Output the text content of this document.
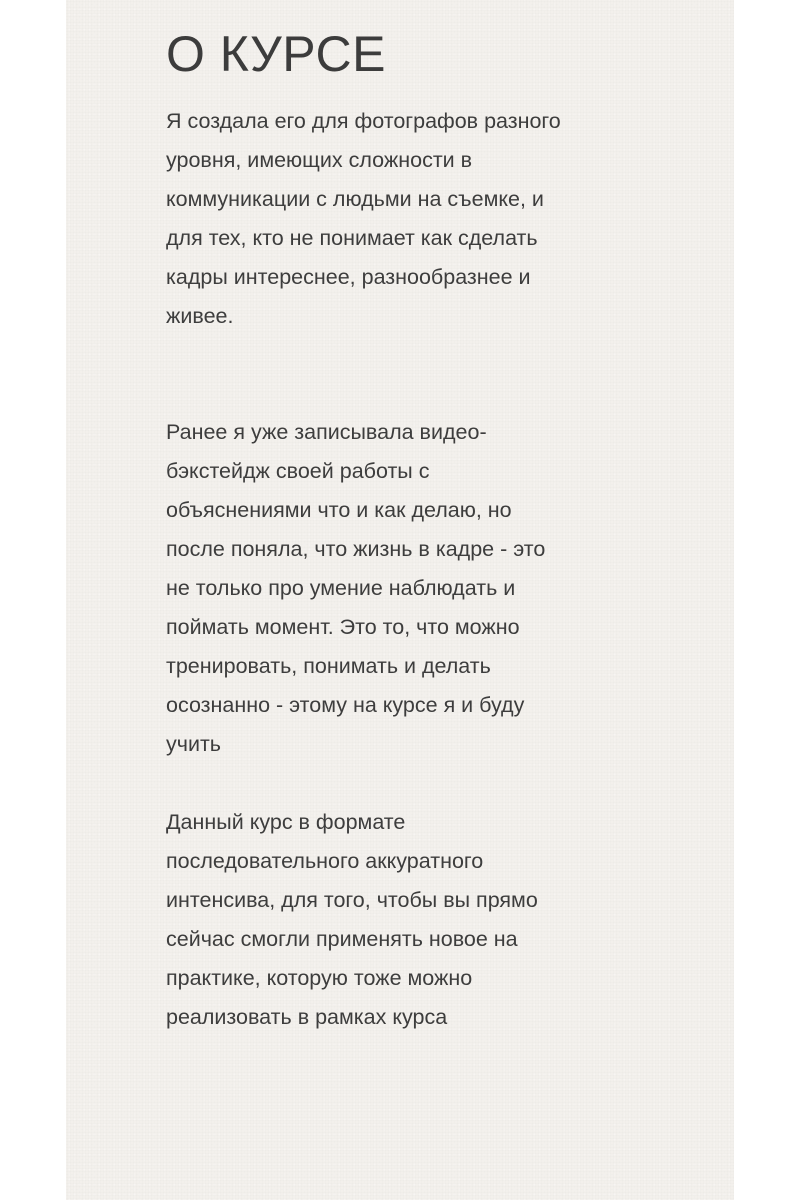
О КУРСЕ

Я создала его для фотографов разного
уровня, имеющих сложности в
коммуникации с людьми на съемке, и
для тех, кто не понимает как сделать
кадры интереснее, разнообразнее и
живее.

Ранее я уже записывала видео-
бэкстейдж своей работы с
объяснениями что и как делаю, но
после поняла, что жизнь в кадре - это
не только про умение наблюдать и
поймать момент. Это то, что можно
тренировать, понимать и делать
осознанно - этому на курсе я и буду
учить

Данный курс в формате
последовательного аккуратного
интенсива, для того, чтобы вы прямо
сейчас смогли применять новое на
практике, которую тоже можно
реализовать в рамках курса
